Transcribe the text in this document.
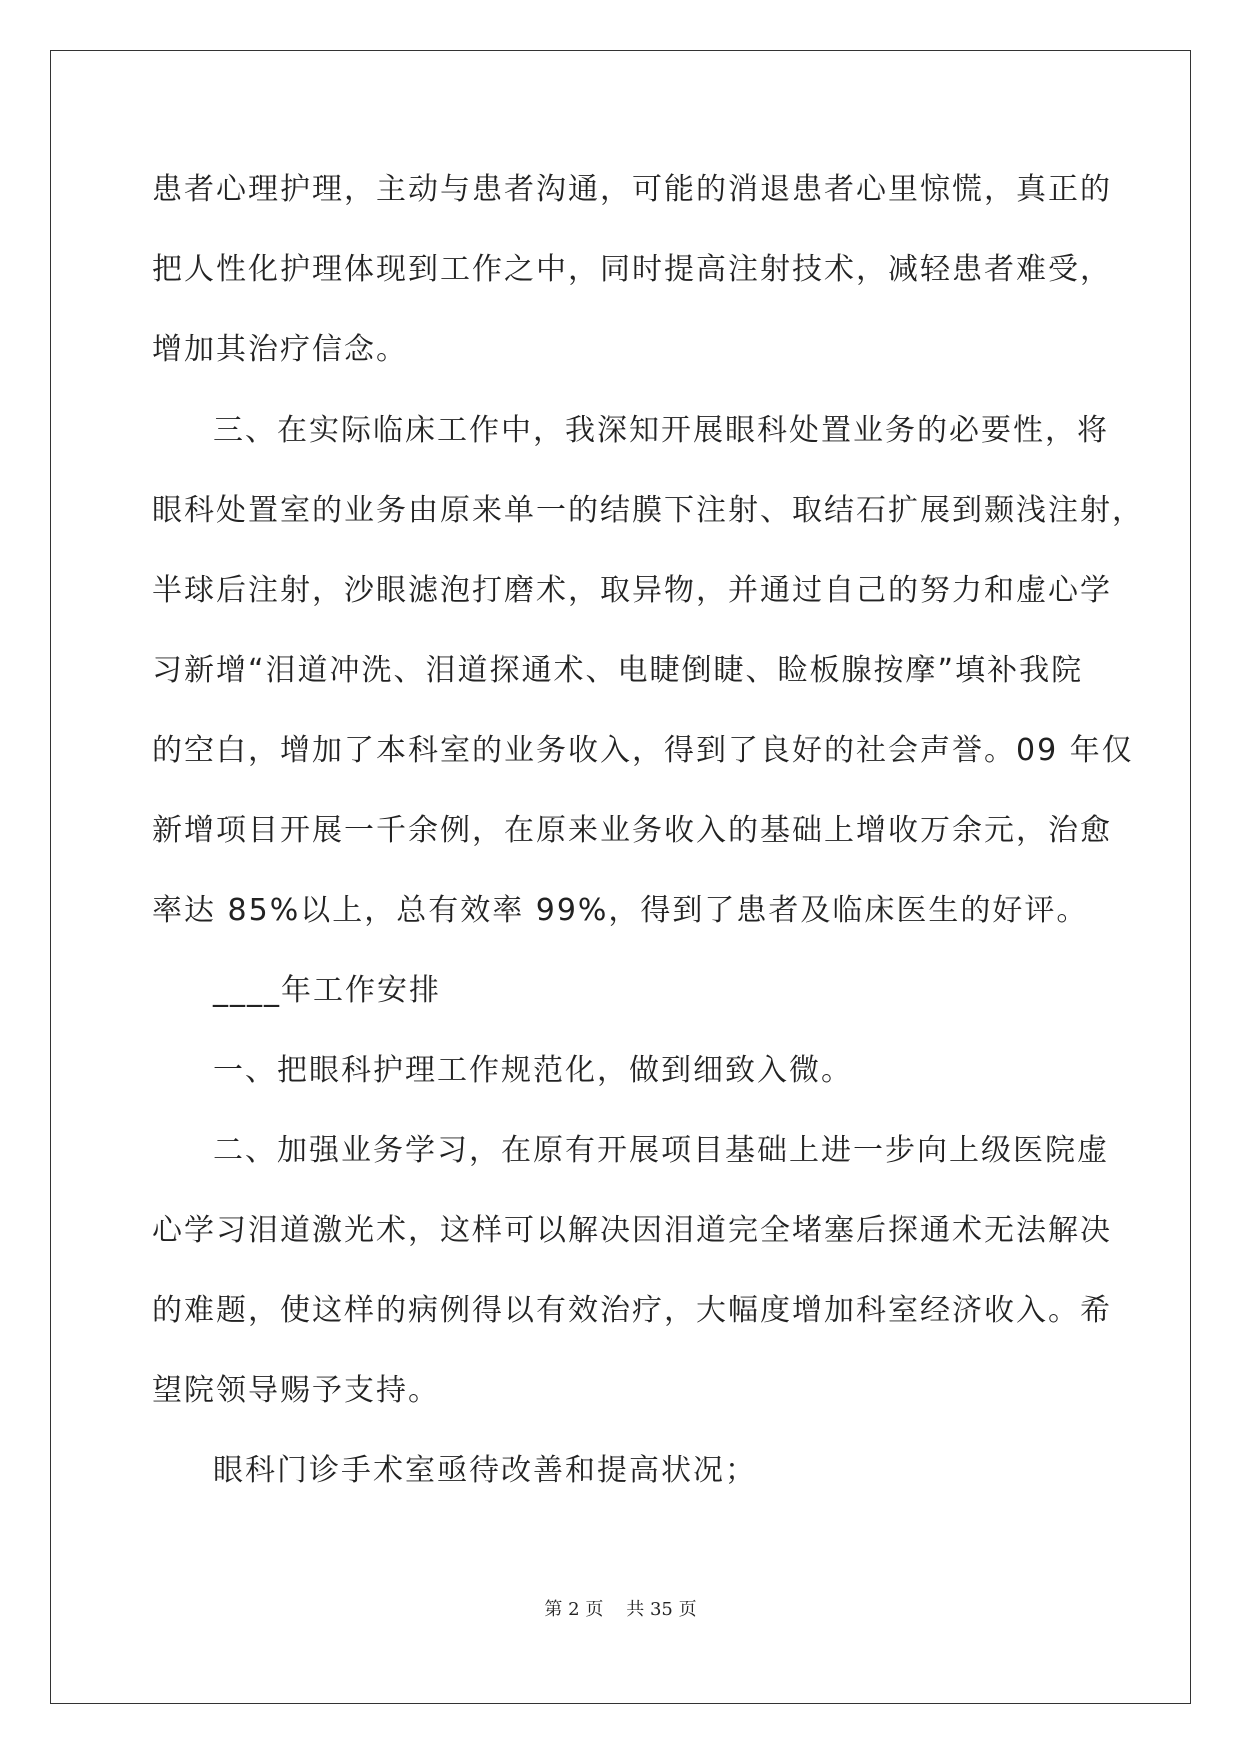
患者心理护理，主动与患者沟通，可能的消退患者心里惊慌，真正的
把人性化护理体现到工作之中，同时提高注射技术，减轻患者难受，
增加其治疗信念。
三、在实际临床工作中，我深知开展眼科处置业务的必要性，将
眼科处置室的业务由原来单一的结膜下注射、取结石扩展到颞浅注射，
半球后注射，沙眼滤泡打磨术，取异物，并通过自己的努力和虚心学
习新增“泪道冲洗、泪道探通术、电睫倒睫、睑板腺按摩”填补我院
的空白，增加了本科室的业务收入，得到了良好的社会声誉。09 年仅
新增项目开展一千余例，在原来业务收入的基础上增收万余元，治愈
率达 85%以上，总有效率 99%，得到了患者及临床医生的好评。
____年工作安排
一、把眼科护理工作规范化，做到细致入微。
二、加强业务学习，在原有开展项目基础上进一步向上级医院虚
心学习泪道激光术，这样可以解决因泪道完全堵塞后探通术无法解决
的难题，使这样的病例得以有效治疗，大幅度增加科室经济收入。希
望院领导赐予支持。
眼科门诊手术室亟待改善和提高状况；
第 2 页 共 35 页
